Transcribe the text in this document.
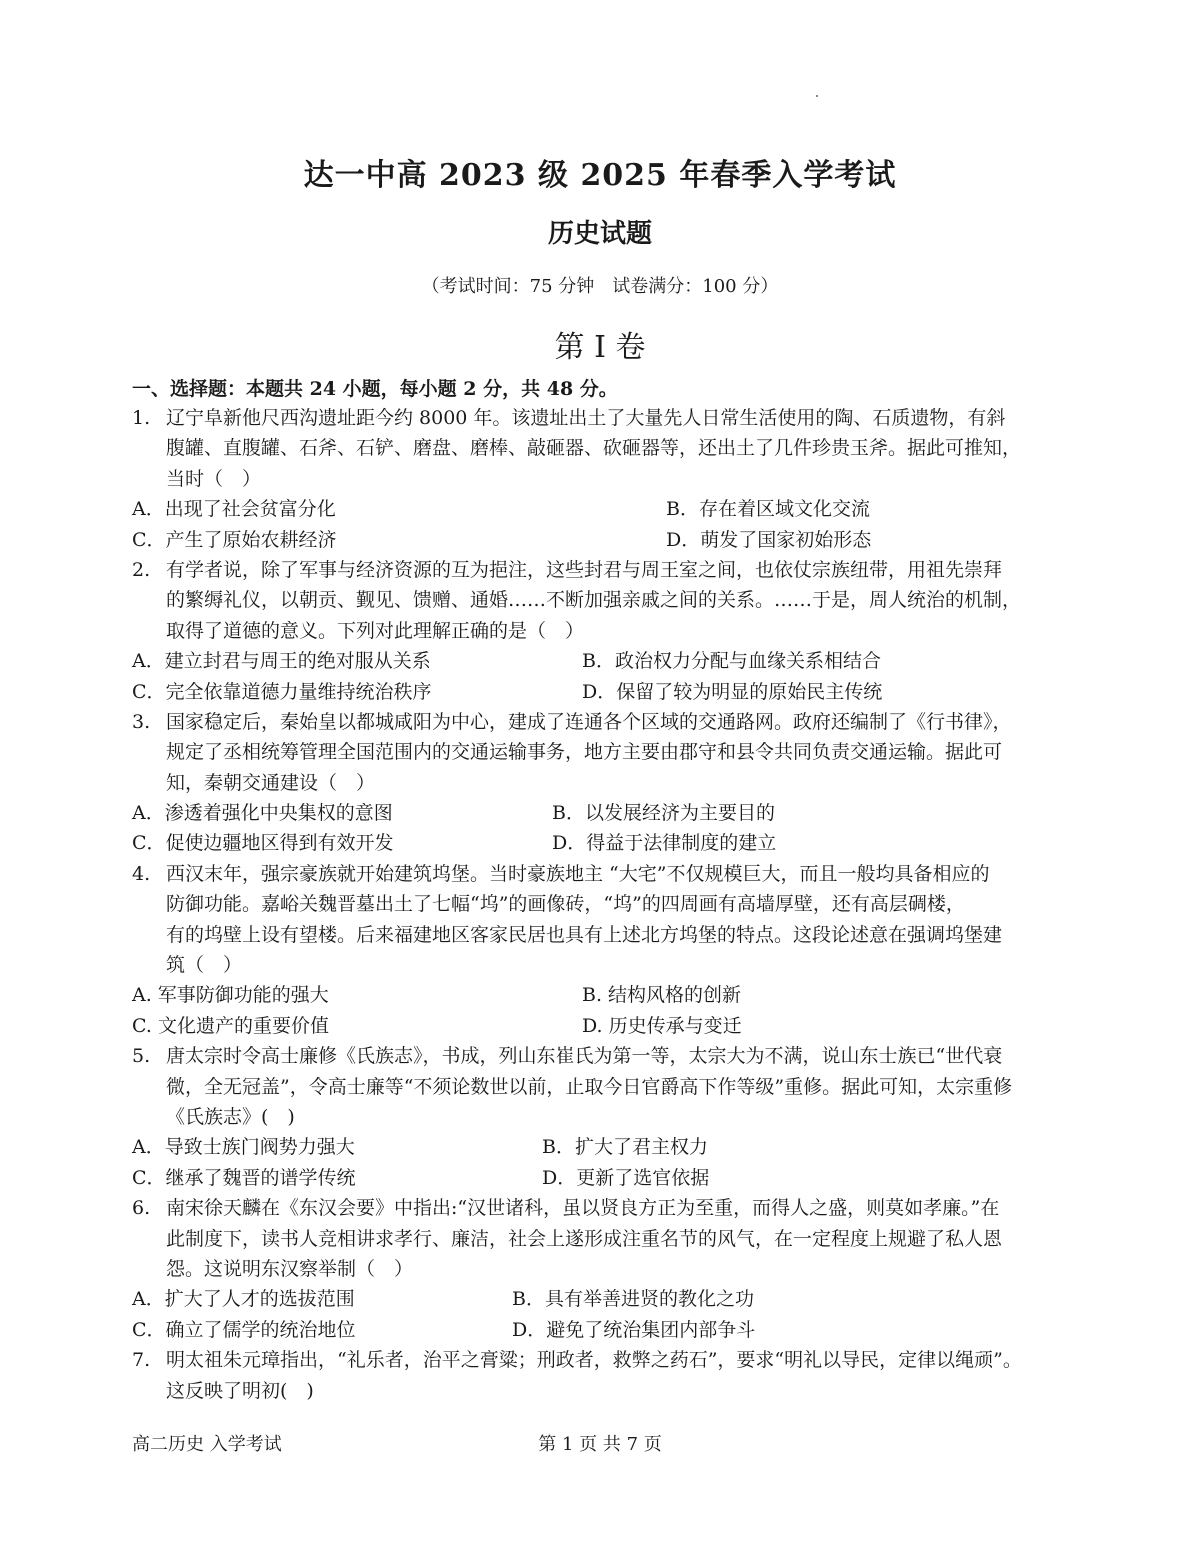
达一中高 2023 级 2025 年春季入学考试
历史试题
（考试时间：75 分钟　试卷满分：100 分）
第 I 卷
一、选择题：本题共 24 小题，每小题 2 分，共 48 分。
1. 辽宁阜新他尺西沟遗址距今约 8000 年。该遗址出土了大量先人日常生活使用的陶、石质遗物，有斜
腹罐、直腹罐、石斧、石铲、磨盘、磨棒、敲砸器、砍砸器等，还出土了几件珍贵玉斧。据此可推知，
当时（　）
A．出现了社会贫富分化	B．存在着区域文化交流
C．产生了原始农耕经济	D．萌发了国家初始形态
2. 有学者说，除了军事与经济资源的互为挹注，这些封君与周王室之间，也依仗宗族纽带，用祖先崇拜
的繁缛礼仪，以朝贡、觐见、馈赠、通婚……不断加强亲戚之间的关系。……于是，周人统治的机制，
取得了道德的意义。下列对此理解正确的是（　）
A．建立封君与周王的绝对服从关系	B．政治权力分配与血缘关系相结合
C．完全依靠道德力量维持统治秩序	D．保留了较为明显的原始民主传统
3. 国家稳定后，秦始皇以都城咸阳为中心，建成了连通各个区域的交通路网。政府还编制了《行书律》，
规定了丞相统筹管理全国范围内的交通运输事务，地方主要由郡守和县令共同负责交通运输。据此可
知，秦朝交通建设（　）
A．渗透着强化中央集权的意图	B．以发展经济为主要目的
C．促使边疆地区得到有效开发	D．得益于法律制度的建立
4. 西汉末年，强宗豪族就开始建筑坞堡。当时豪族地主 “大宅”不仅规模巨大，而且一般均具备相应的
防御功能。嘉峪关魏晋墓出土了七幅“坞”的画像砖，“坞”的四周画有高墙厚壁，还有高层碉楼，
有的坞壁上设有望楼。后来福建地区客家民居也具有上述北方坞堡的特点。这段论述意在强调坞堡建
筑（　）
A. 军事防御功能的强大	B. 结构风格的创新
C. 文化遗产的重要价值	D. 历史传承与变迁
5. 唐太宗时令高士廉修《氏族志》，书成，列山东崔氏为第一等，太宗大为不满，说山东士族已“世代衰
微，全无冠盖”，令高士廉等“不须论数世以前，止取今日官爵高下作等级”重修。据此可知，太宗重修
《氏族志》(　)
A．导致士族门阀势力强大	B．扩大了君主权力
C．继承了魏晋的谱学传统	D．更新了选官依据
6. 南宋徐天麟在《东汉会要》中指出:“汉世诸科，虽以贤良方正为至重，而得人之盛，则莫如孝廉。”在
此制度下，读书人竞相讲求孝行、廉洁，社会上遂形成注重名节的风气，在一定程度上规避了私人恩
怨。这说明东汉察举制（　）
A．扩大了人才的选拔范围	B．具有举善进贤的教化之功
C．确立了儒学的统治地位	D．避免了统治集团内部争斗
7. 明太祖朱元璋指出，“礼乐者，治平之膏粱；刑政者，救弊之药石”，要求“明礼以导民，定律以绳顽”。
这反映了明初(　)
高二历史 入学考试	第 1 页 共 7 页
